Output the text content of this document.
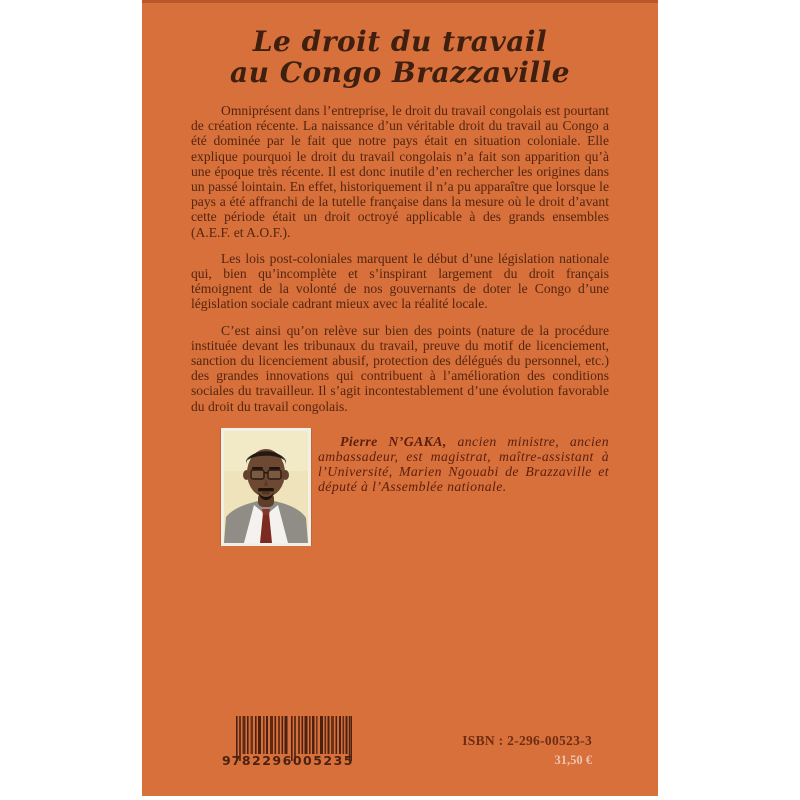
Le droit du travail
au Congo Brazzaville

Omniprésent dans l’entreprise, le droit du travail congolais est pourtant de création récente. La naissance d’un véritable droit du travail au Congo a été dominée par le fait que notre pays était en situation coloniale. Elle explique pourquoi le droit du travail congolais n’a fait son apparition qu’à une époque très récente. Il est donc inutile d’en rechercher les origines dans un passé lointain. En effet, historiquement il n’a pu apparaître que lorsque le pays a été affranchi de la tutelle française dans la mesure où le droit d’avant cette période était un droit octroyé applicable à des grands ensembles (A.E.F. et A.O.F.).

Les lois post-coloniales marquent le début d’une législation nationale qui, bien qu’incomplète et s’inspirant largement du droit français témoignent de la volonté de nos gouvernants de doter le Congo d’une législation sociale cadrant mieux avec la réalité locale.

C’est ainsi qu’on relève sur bien des points (nature de la procédure instituée devant les tribunaux du travail, preuve du motif de licenciement, sanction du licenciement abusif, protection des délégués du personnel, etc.) des grandes innovations qui contribuent à l’amélioration des conditions sociales du travailleur. Il s’agit incontestablement d’une évolution favorable du droit du travail congolais.

Pierre N’GAKA, ancien ministre, ancien ambassadeur, est magistrat, maître-assistant à l’Université, Marien Ngouabi de Brazzaville et député à l’Assemblée nationale.
9 782296 005235
ISBN : 2-296-00523-3
31,50 €
